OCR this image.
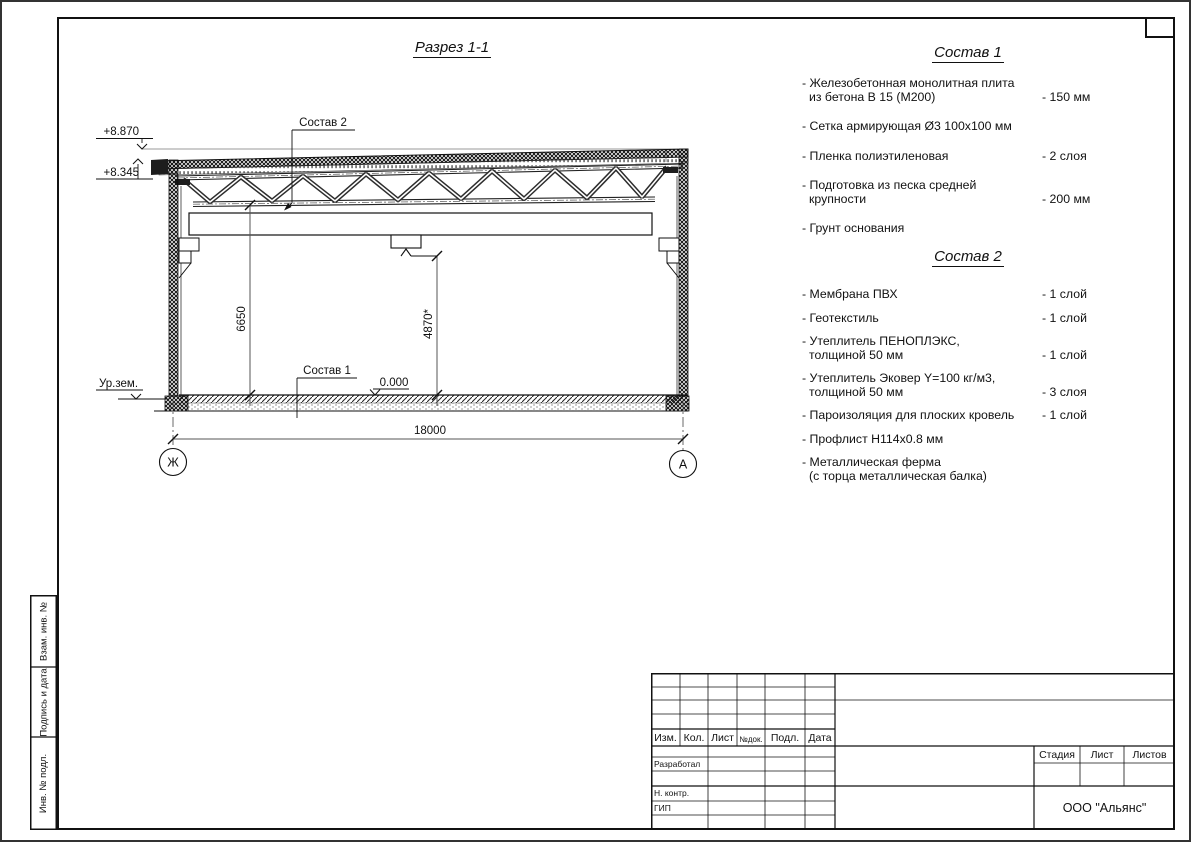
Ж	А
18000
6650	4870*
Состав 2
Состав 1
0.000
+8.870
+8.345
Ур.зем.
Разрез 1-1	Состав 1
- Железобетонная монолитная плита
из бетона В 15 (М200)	- 150 мм
- Сетка армирующая Ø3 100х100 мм
- Пленка полиэтиленовая	- 2 слоя
- Подготовка из песка средней
крупности	- 200 мм
- Грунт основания
Состав 2
- Мембрана ПВХ	- 1 слой
- Геотекстиль	- 1 слой
- Утеплитель ПЕНОПЛЭКС,
толщиной 50 мм	- 1 слой
- Утеплитель Эковер Y=100 кг/м3,
толщиной 50 мм	- 3 слоя
- Пароизоляция для плоских кровель	- 1 слой
- Профлист Н114х0.8 мм
- Металлическая ферма
(с торца металлическая балка)
Изм. Кол. Лист №док. Подл. Дата
Разработал
Н. контр.
ГИП
Стадия	Лист	Листов
ООО "Альянс"
Взам. инв. №
Подпись и дата
Инв. № подл.
